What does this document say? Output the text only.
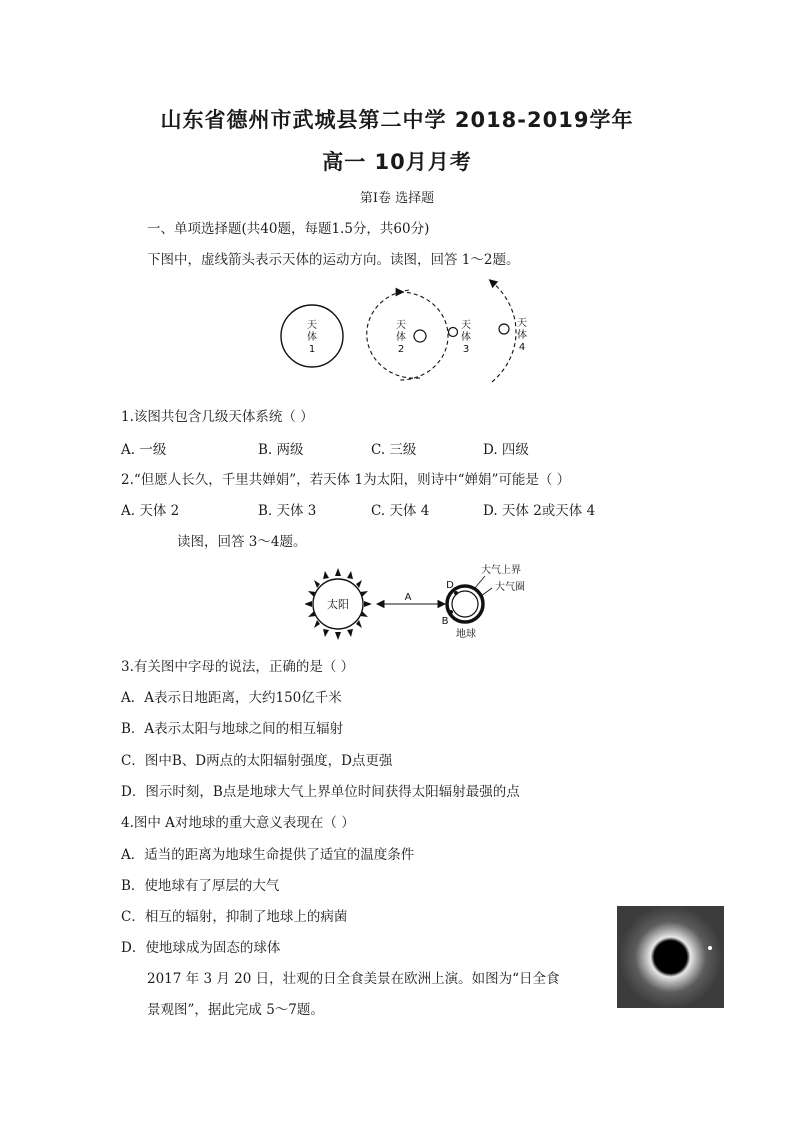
山东省德州市武城县第二中学 2018-2019学年
高一 10月月考
第Ⅰ卷 选择题
一、单项选择题(共40题，每题1.5分，共60分)
下图中，虚线箭头表示天体的运动方向。读图，回答 1～2题。
天
体
1
天
体
2
天
体
3
天
体
4
1.该图共包含几级天体系统（ ）
A. 一级	B. 两级	C. 三级	D. 四级
2.“但愿人长久，千里共婵娟”，若天体 1为太阳，则诗中“婵娟”可能是（ ）
A. 天体 2	B. 天体 3	C. 天体 4	D. 天体 2或天体 4
读图，回答 3～4题。
太阳
A
D
B
大气上界
大气圈
地球
3.有关图中字母的说法，正确的是（ ）
A．A表示日地距离，大约150亿千米
B．A表示太阳与地球之间的相互辐射
C．图中B、D两点的太阳辐射强度，D点更强
D．图示时刻，B点是地球大气上界单位时间获得太阳辐射最强的点
4.图中 A对地球的重大意义表现在（ ）
A．适当的距离为地球生命提供了适宜的温度条件
B．使地球有了厚层的大气
C．相互的辐射，抑制了地球上的病菌
D．使地球成为固态的球体
2017 年 3 月 20 日，壮观的日全食美景在欧洲上演。如图为“日全食
景观图”，据此完成 5～7题。
